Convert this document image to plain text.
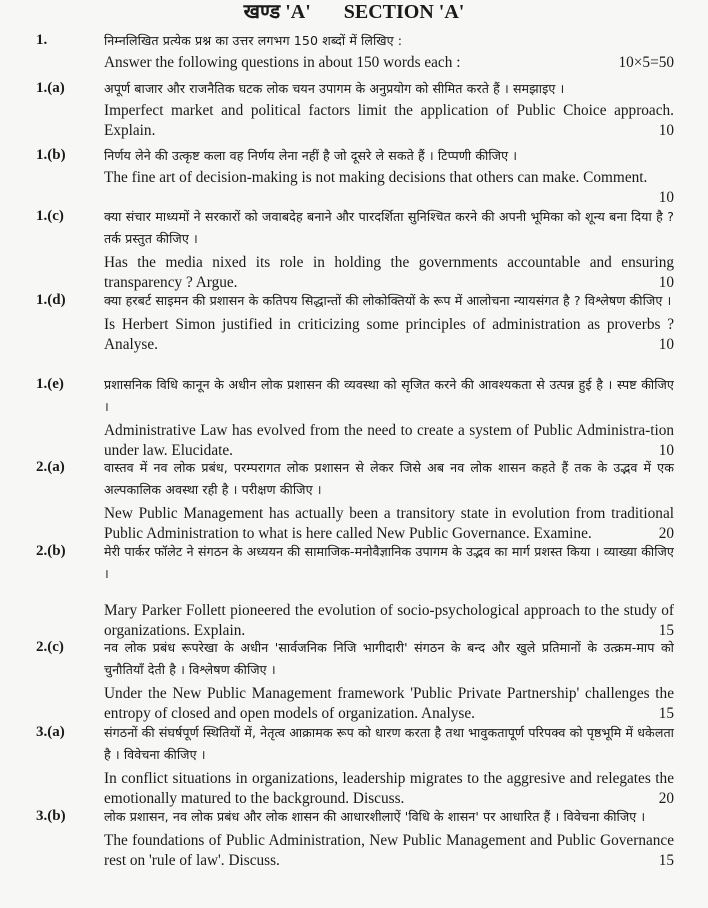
खण्ड 'A' SECTION 'A'
1.	निम्नलिखित प्रत्येक प्रश्न का उत्तर लगभग 150 शब्दों में लिखिए :
Answer the following questions in about 150 words each :	10×5=50
1.(a)	अपूर्ण बाजार और राजनैतिक घटक लोक चयन उपागम के अनुप्रयोग को सीमित करते हैं । समझाइए ।
Imperfect market and political factors limit the application of Public Choice approach. Explain.	10
1.(b)	निर्णय लेने की उत्कृष्ट कला वह निर्णय लेना नहीं है जो दूसरे ले सकते हैं । टिप्पणी कीजिए ।
The fine art of decision-making is not making decisions that others can make. Comment.
10
1.(c)	क्या संचार माध्यमों ने सरकारों को जवाबदेह बनाने और पारदर्शिता सुनिश्चित करने की अपनी भूमिका को शून्य बना दिया है ? तर्क प्रस्तुत कीजिए ।
Has the media nixed its role in holding the governments accountable and ensuring transparency ? Argue.	10
1.(d)	क्या हरबर्ट साइमन की प्रशासन के कतिपय सिद्धान्तों की लोकोक्तियों के रूप में आलोचना न्यायसंगत है ? विश्लेषण कीजिए ।
Is Herbert Simon justified in criticizing some principles of administration as proverbs ? Analyse.	10
1.(e)	प्रशासनिक विधि कानून के अधीन लोक प्रशासन की व्यवस्था को सृजित करने की आवश्यकता से उत्पन्न हुई है । स्पष्ट कीजिए ।
Administrative Law has evolved from the need to create a system of Public Administra-tion under law. Elucidate.	10
2.(a)	वास्तव में नव लोक प्रबंध, परम्परागत लोक प्रशासन से लेकर जिसे अब नव लोक शासन कहते हैं तक के उद्भव में एक अल्पकालिक अवस्था रही है । परीक्षण कीजिए ।
New Public Management has actually been a transitory state in evolution from traditional Public Administration to what is here called New Public Governance. Examine.	20
2.(b)	मेरी पार्कर फॉलेट ने संगठन के अध्ययन की सामाजिक-मनोवैज्ञानिक उपागम के उद्भव का मार्ग प्रशस्त किया । व्याख्या कीजिए ।
Mary Parker Follett pioneered the evolution of socio-psychological approach to the study of organizations. Explain.	15
2.(c)	नव लोक प्रबंध रूपरेखा के अधीन 'सार्वजनिक निजि भागीदारी' संगठन के बन्द और खुले प्रतिमानों के उत्क्रम-माप को चुनौतियाँ देती है । विश्लेषण कीजिए ।
Under the New Public Management framework 'Public Private Partnership' challenges the entropy of closed and open models of organization. Analyse.	15
3.(a)	संगठनों की संघर्षपूर्ण स्थितियों में, नेतृत्व आक्रामक रूप को धारण करता है तथा भावुकतापूर्ण परिपक्व को पृष्ठभूमि में धकेलता है । विवेचना कीजिए ।
In conflict situations in organizations, leadership migrates to the aggresive and relegates the emotionally matured to the background. Discuss.	20
3.(b)	लोक प्रशासन, नव लोक प्रबंध और लोक शासन की आधारशीलाऐं 'विधि के शासन' पर आधारित हैं । विवेचना कीजिए ।
The foundations of Public Administration, New Public Management and Public Governance rest on 'rule of law'. Discuss.	15
